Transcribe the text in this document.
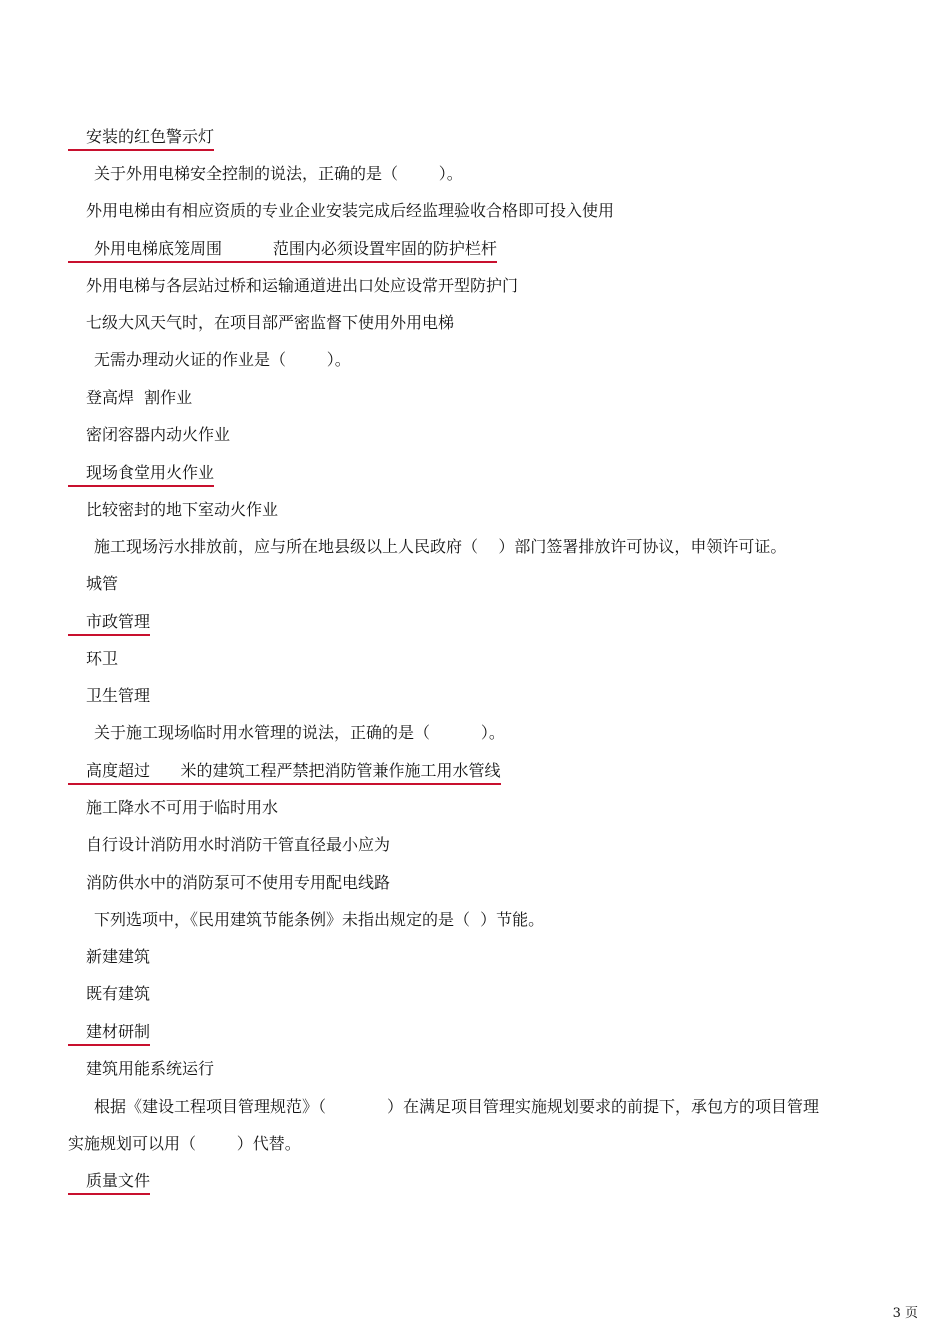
安装的红色警示灯

关于外用电梯安全控制的说法，正确的是（        ）。

外用电梯由有相应资质的专业企业安装完成后经监理验收合格即可投入使用

外用电梯底笼周围          范围内必须设置牢固的防护栏杆

外用电梯与各层站过桥和运输通道进出口处应设常开型防护门

七级大风天气时，在项目部严密监督下使用外用电梯

无需办理动火证的作业是（        ）。

登高焊  割作业

密闭容器内动火作业

现场食堂用火作业

比较密封的地下室动火作业

施工现场污水排放前，应与所在地县级以上人民政府（    ）部门签署排放许可协议，申领许可证。

城管

市政管理

环卫

卫生管理

关于施工现场临时用水管理的说法，正确的是（          ）。

高度超过      米的建筑工程严禁把消防管兼作施工用水管线

施工降水不可用于临时用水

自行设计消防用水时消防干管直径最小应为

消防供水中的消防泵可不使用专用配电线路

下列选项中，《民用建筑节能条例》未指出规定的是（  ）节能。

新建建筑

既有建筑

建材研制

建筑用能系统运行

根据《建设工程项目管理规范》（            ）在满足项目管理实施规划要求的前提下，承包方的项目管理

实施规划可以用（        ）代替。

质量文件

3 页
